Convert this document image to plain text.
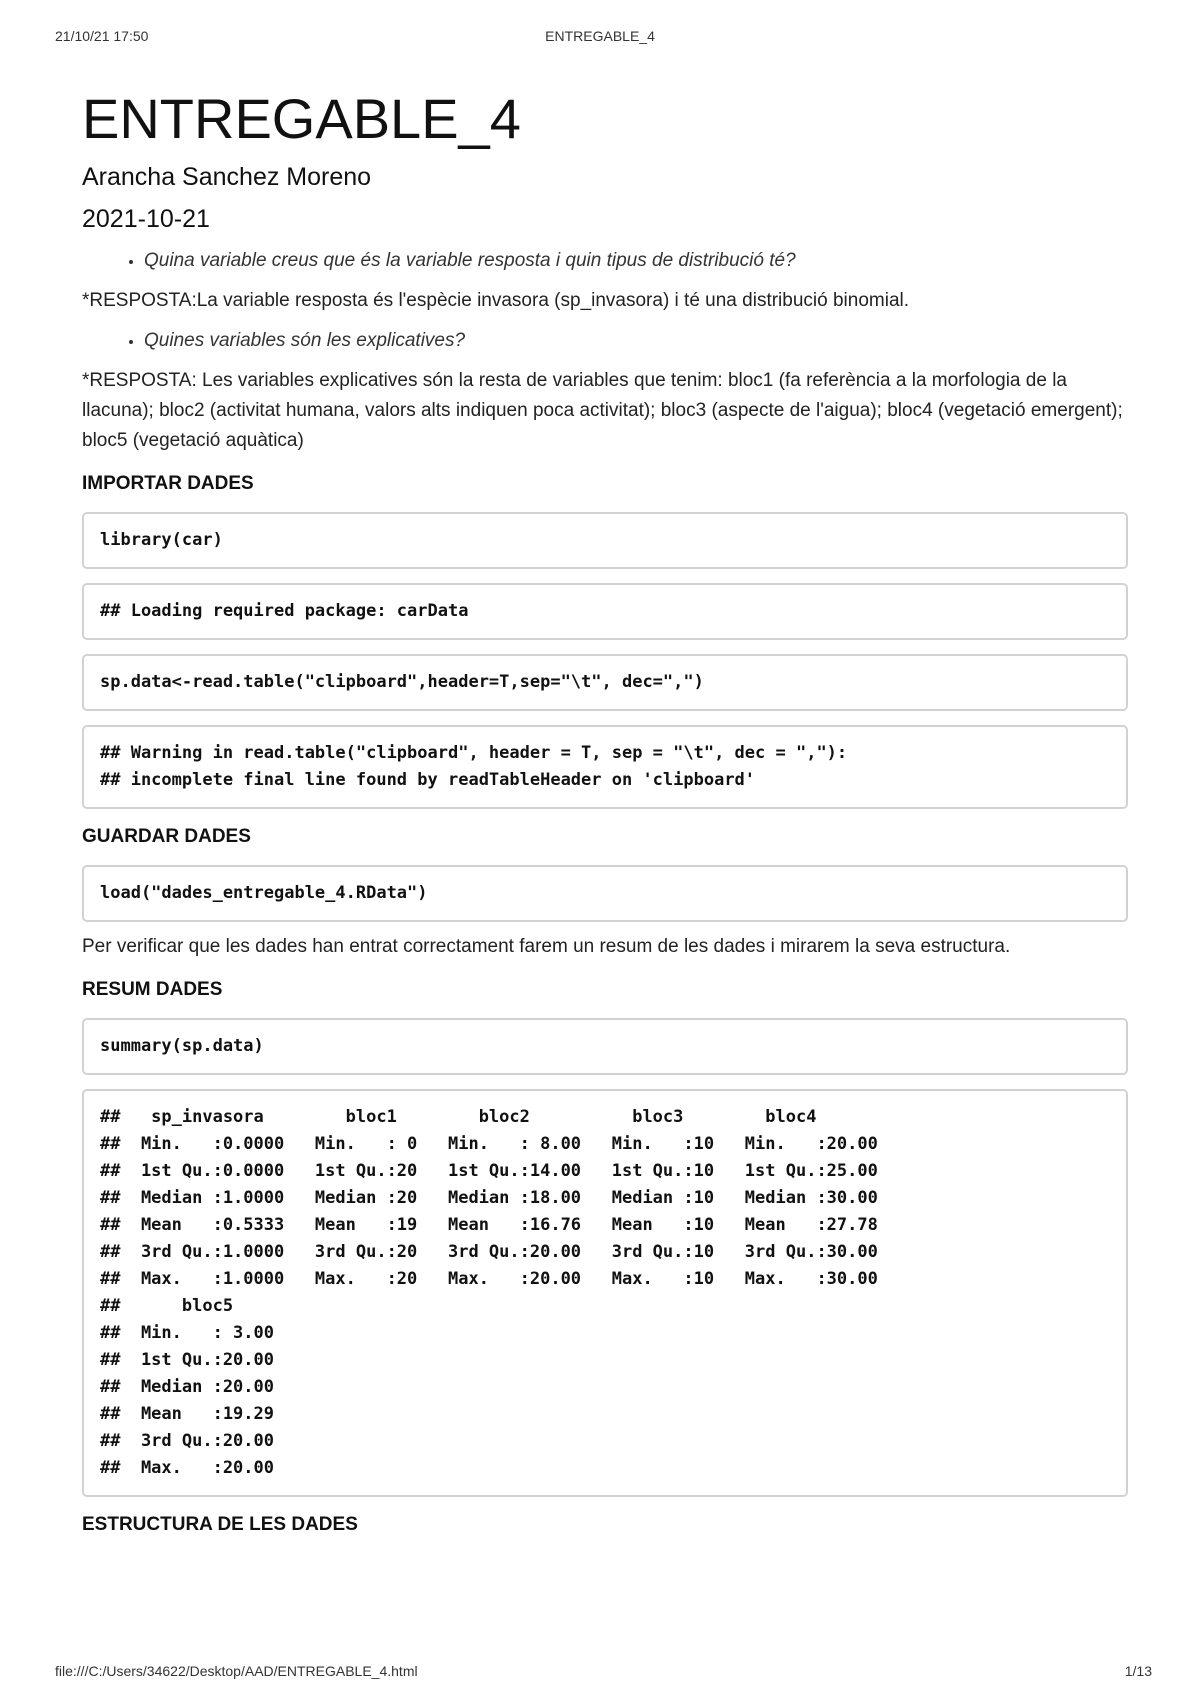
21/10/21 17:50	ENTREGABLE_4
ENTREGABLE_4
Arancha Sanchez Moreno
2021-10-21
• Quina variable creus que és la variable resposta i quin tipus de distribució té?

*RESPOSTA:La variable resposta és l'espècie invasora (sp_invasora) i té una distribució binomial.

• Quines variables són les explicatives?

*RESPOSTA: Les variables explicatives són la resta de variables que tenim: bloc1 (fa referència a la morfologia de la llacuna); bloc2 (activitat humana, valors alts indiquen poca activitat); bloc3 (aspecte de l'aigua); bloc4 (vegetació emergent); bloc5 (vegetació aquàtica)

IMPORTAR DADES
library(car)
## Loading required package: carData
sp.data<-read.table("clipboard",header=T,sep="\t", dec=",")
## Warning in read.table("clipboard", header = T, sep = "\t", dec = ","):
## incomplete final line found by readTableHeader on 'clipboard'
GUARDAR DADES
load("dades_entregable_4.RData")

Per verificar que les dades han entrat correctament farem un resum de les dades i mirarem la seva estructura.

RESUM DADES
summary(sp.data)
##   sp_invasora        bloc1        bloc2          bloc3        bloc4
##  Min.   :0.0000   Min.   : 0   Min.   : 8.00   Min.   :10   Min.   :20.00
##  1st Qu.:0.0000   1st Qu.:20   1st Qu.:14.00   1st Qu.:10   1st Qu.:25.00
##  Median :1.0000   Median :20   Median :18.00   Median :10   Median :30.00
##  Mean   :0.5333   Mean   :19   Mean   :16.76   Mean   :10   Mean   :27.78
##  3rd Qu.:1.0000   3rd Qu.:20   3rd Qu.:20.00   3rd Qu.:10   3rd Qu.:30.00
##  Max.   :1.0000   Max.   :20   Max.   :20.00   Max.   :10   Max.   :30.00
##      bloc5
##  Min.   : 3.00
##  1st Qu.:20.00
##  Median :20.00
##  Mean   :19.29
##  3rd Qu.:20.00
##  Max.   :20.00
ESTRUCTURA DE LES DADES
file:///C:/Users/34622/Desktop/AAD/ENTREGABLE_4.html	1/13
